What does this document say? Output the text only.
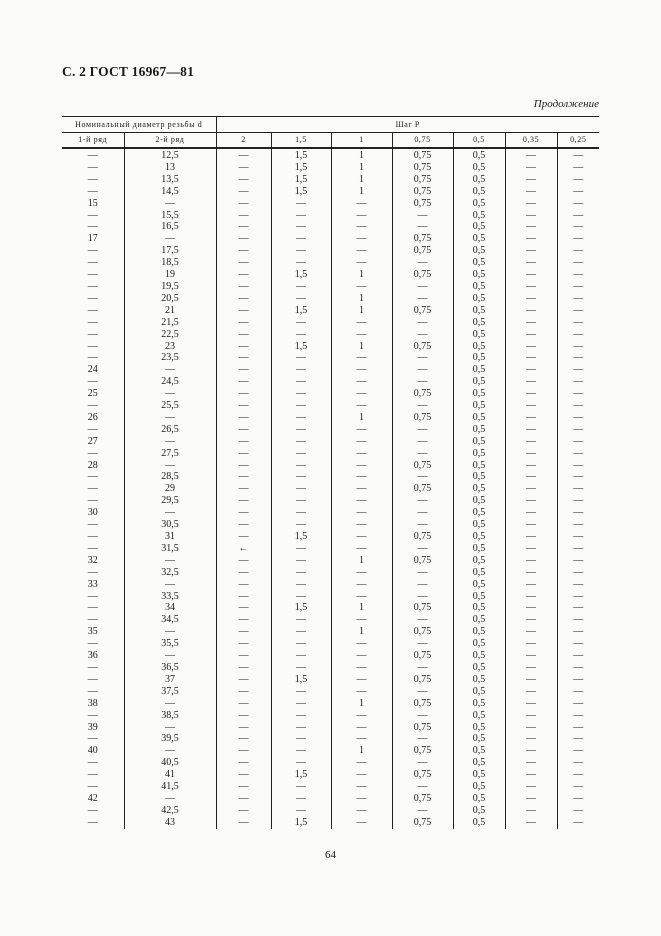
С. 2 ГОСТ 16967—81
Продолжение
Номинальный диаметр резьбы d		Шаг P						
1-й ряд	2-й ряд	2	1,5	1	0,75	0,5	0,35	0,25
—	12,5	—	1,5	1	0,75	0,5	—	—
—	13	—	1,5	1	0,75	0,5	—	—
—	13,5	—	1,5	1	0,75	0,5	—	—
—	14,5	—	1,5	1	0,75	0,5	—	—
15	—	—	—	—	0,75	0,5	—	—
—	15,5	—	—	—	—	0,5	—	—
—	16,5	—	—	—	—	0,5	—	—
17	—	—	—	—	0,75	0,5	—	—
—	17,5	—	—	—	0,75	0,5	—	—
—	18,5	—	—	—	—	0,5	—	—
—	19	—	1,5	1	0,75	0,5	—	—
—	19,5	—	—	—	—	0,5	—	—
—	20,5	—	—	1	—	0,5	—	—
—	21	—	1,5	1	0,75	0,5	—	—
—	21,5	—	—	—	—	0,5	—	—
—	22,5	—	—	—	—	0,5	—	—
—	23	—	1,5	1	0,75	0,5	—	—
—	23,5	—	—	—	—	0,5	—	—
24	—	—	—	—	—	0,5	—	—
—	24,5	—	—	—	—	0,5	—	—
25	—	—	—	—	0,75	0,5	—	—
—	25,5	—	—	—	—	0,5	—	—
26	—	—	—	1	0,75	0,5	—	—
—	26,5	—	—	—	—	0,5	—	—
27	—	—	—	—	—	0,5	—	—
—	27,5	—	—	—	—	0,5	—	—
28	—	—	—	—	0,75	0,5	—	—
—	28,5	—	—	—	—	0,5	—	—
—	29	—	—	—	0,75	0,5	—	—
—	29,5	—	—	—	—	0,5	—	—
30	—	—	—	—	—	0,5	—	—
—	30,5	—	—	—	—	0,5	—	—
—	31	—	1,5	—	0,75	0,5	—	—
—	31,5	←	—	—	—	0,5	—	—
32	—	—	—	1	0,75	0,5	—	—
—	32,5	—	—	—	—	0,5	—	—
33	—	—	—	—	—	0,5	—	—
—	33,5	—	—	—	—	0,5	—	—
—	34	—	1,5	1	0,75	0,5	—	—
—	34,5	—	—	—	—	0,5	—	—
35	—	—	—	1	0,75	0,5	—	—
—	35,5	—	—	—	—	0,5	—	—
36	—	—	—	—	0,75	0,5	—	—
—	36,5	—	—	—	—	0,5	—	—
—	37	—	1,5	—	0,75	0,5	—	—
—	37,5	—	—	—	—	0,5	—	—
38	—	—	—	1	0,75	0,5	—	—
—	38,5	—	—	—	—	0,5	—	—
39	—	—	—	—	0,75	0,5	—	—
—	39,5	—	—	—	—	0,5	—	—
40	—	—	—	1	0,75	0,5	—	—
—	40,5	—	—	—	—	0,5	—	—
—	41	—	1,5	—	0,75	0,5	—	—
—	41,5	—	—	—	—	0,5	—	—
42	—	—	—	—	0,75	0,5	—	—
—	42,5	—	—	—	—	0,5	—	—
—	43	—	1,5	—	0,75	0,5	—	—
64
